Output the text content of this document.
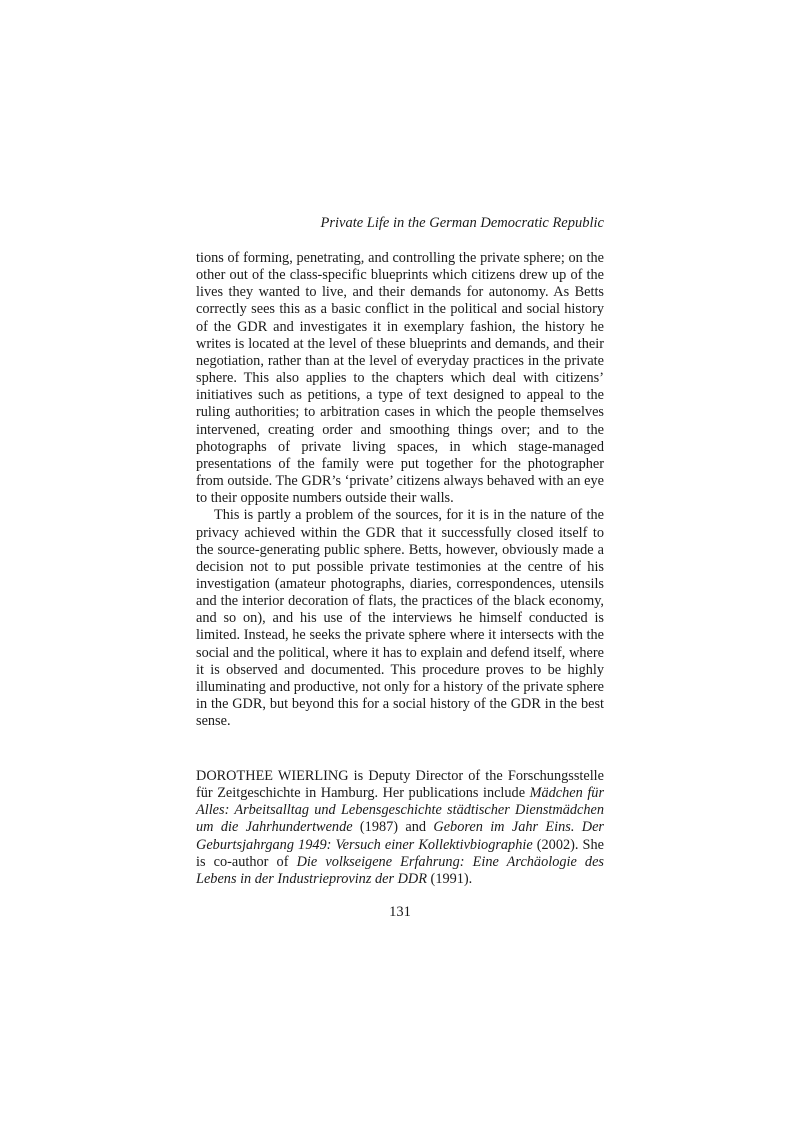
Private Life in the German Democratic Republic

tions of forming, penetrating, and controlling the private sphere; on the other out of the class-specific blueprints which citizens drew up of the lives they wanted to live, and their demands for autonomy. As Betts correctly sees this as a basic conflict in the political and social history of the GDR and investigates it in exemplary fashion, the history he writes is located at the level of these blueprints and demands, and their negotiation, rather than at the level of everyday practices in the private sphere. This also applies to the chapters which deal with citizens’ initiatives such as petitions, a type of text designed to appeal to the ruling authorities; to arbitration cases in which the people themselves intervened, creating order and smoothing things over; and to the photographs of private living spaces, in which stage-managed presentations of the family were put together for the photographer from outside. The GDR’s ‘private’ citizens always behaved with an eye to their opposite numbers outside their walls.

This is partly a problem of the sources, for it is in the nature of the privacy achieved within the GDR that it successfully closed itself to the source-generating public sphere. Betts, however, obviously made a decision not to put possible private testimonies at the centre of his investigation (amateur photographs, diaries, correspondences, utensils and the interior decoration of flats, the practices of the black economy, and so on), and his use of the interviews he himself conducted is limited. Instead, he seeks the private sphere where it intersects with the social and the political, where it has to explain and defend itself, where it is observed and documented. This procedure proves to be highly illuminating and productive, not only for a history of the private sphere in the GDR, but beyond this for a social history of the GDR in the best sense.

DOROTHEE WIERLING is Deputy Director of the Forschungsstelle für Zeitgeschichte in Hamburg. Her publications include Mädchen für Alles: Arbeitsalltag und Lebensgeschichte städtischer Dienstmädchen um die Jahrhundertwende (1987) and Geboren im Jahr Eins. Der Geburtsjahrgang 1949: Versuch einer Kollektivbiographie (2002). She is co-author of Die volkseigene Erfahrung: Eine Archäologie des Lebens in der Industrieprovinz der DDR (1991).
131
